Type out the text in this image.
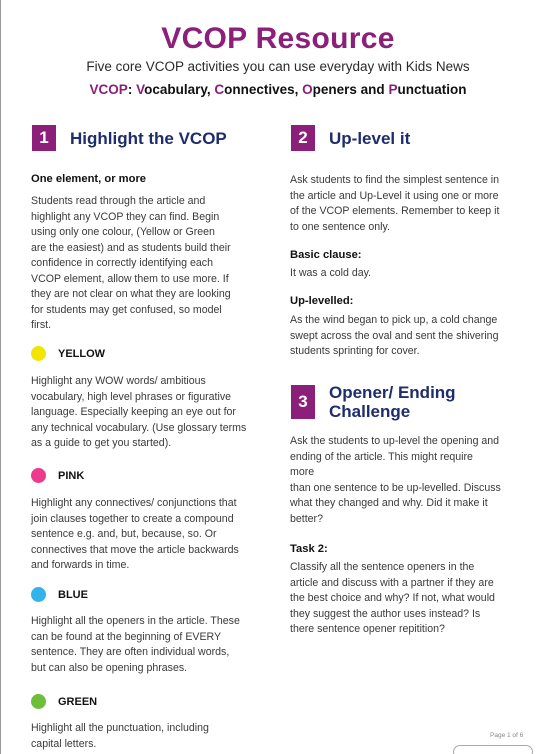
VCOP Resource
Five core VCOP activities you can use everyday with Kids News
VCOP: Vocabulary, Connectives, Openers and Punctuation
1	Highlight the VCOP
One element, or more
Students read through the article and
highlight any VCOP they can find. Begin
using only one colour, (Yellow or Green
are the easiest) and as students build their
confidence in correctly identifying each
VCOP element, allow them to use more. If
they are not clear on what they are looking
for students may get confused, so model
first.
YELLOW
Highlight any WOW words/ ambitious
vocabulary, high level phrases or figurative
language. Especially keeping an eye out for
any technical vocabulary. (Use glossary terms
as a guide to get you started).
PINK
Highlight any connectives/ conjunctions that
join clauses together to create a compound
sentence e.g. and, but, because, so. Or
connectives that move the article backwards
and forwards in time.
BLUE
Highlight all the openers in the article. These
can be found at the beginning of EVERY
sentence. They are often individual words,
but can also be opening phrases.
GREEN
Highlight all the punctuation, including
capital letters.
2	Up-level it
Ask students to find the simplest sentence in
the article and Up-Level it using one or more
of the VCOP elements. Remember to keep it
to one sentence only.
Basic clause:
It was a cold day.
Up-levelled:
As the wind began to pick up, a cold change
swept across the oval and sent the shivering
students sprinting for cover.
3	Opener/ Ending
Challenge
Ask the students to up-level the opening and
ending of the article. This might require
more
than one sentence to be up-levelled. Discuss
what they changed and why. Did it make it
better?
Task 2:
Classify all the sentence openers in the
article and discuss with a partner if they are
the best choice and why? If not, what would
they suggest the author uses instead? Is
there sentence opener repitition?
Page 1 of 6
